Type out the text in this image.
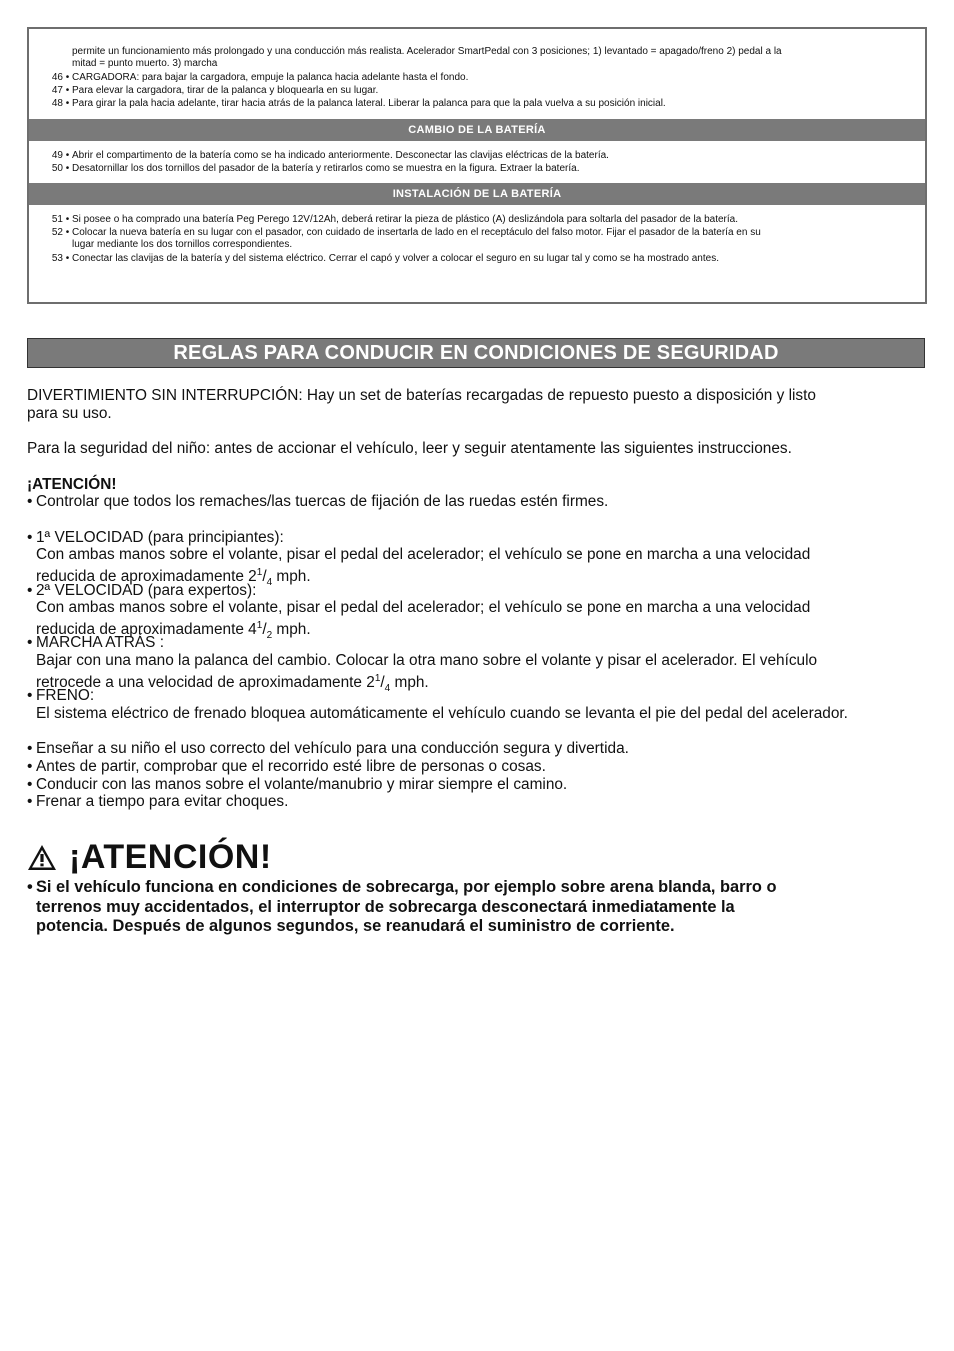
permite un funcionamiento más prolongado y una conducción más realista. Acelerador SmartPedal con 3 posiciones; 1) levantado = apagado/freno 2) pedal a la
mitad = punto muerto. 3) marcha
46 • CARGADORA: para bajar la cargadora, empuje la palanca hacia adelante hasta el fondo.
47 • Para elevar la cargadora, tirar de la palanca y bloquearla en su lugar.
48 • Para girar la pala hacia adelante, tirar hacia atrás de la palanca lateral. Liberar la palanca para que la pala vuelva a su posición inicial.
CAMBIO DE LA BATERÍA
49 • Abrir el compartimento de la batería como se ha indicado anteriormente. Desconectar las clavijas eléctricas de la batería.
50 • Desatornillar los dos tornillos del pasador de la batería y retirarlos como se muestra en la figura. Extraer la batería.
INSTALACIÓN DE LA BATERÍA
51 • Si posee o ha comprado una batería Peg Perego 12V/12Ah, deberá retirar la pieza de plástico (A) deslizándola para soltarla del pasador de la batería.
52 • Colocar la nueva batería en su lugar con el pasador, con cuidado de insertarla de lado en el receptáculo del falso motor. Fijar el pasador de la batería en su
lugar mediante los dos tornillos correspondientes.
53 • Conectar las clavijas de la batería y del sistema eléctrico. Cerrar el capó y volver a colocar el seguro en su lugar tal y como se ha mostrado antes.
REGLAS PARA CONDUCIR EN CONDICIONES DE SEGURIDAD
DIVERTIMIENTO SIN INTERRUPCIÓN: Hay un set de baterías recargadas de repuesto puesto a disposición y listo
para su uso.
Para la seguridad del niño: antes de accionar el vehículo, leer y seguir atentamente las siguientes instrucciones.
¡ATENCIÓN!
• Controlar que todos los remaches/las tuercas de fijación de las ruedas estén firmes.
• 1ª VELOCIDAD (para principiantes):
Con ambas manos sobre el volante, pisar el pedal del acelerador; el vehículo se pone en marcha a una velocidad
reducida de aproximadamente $2^1/_4$ mph.
• 2ª VELOCIDAD (para expertos):
Con ambas manos sobre el volante, pisar el pedal del acelerador; el vehículo se pone en marcha a una velocidad
reducida de aproximadamente $4^1/_2$ mph.
• MARCHA ATRÁS :
Bajar con una mano la palanca del cambio. Colocar la otra mano sobre el volante y pisar el acelerador. El vehículo
retrocede a una velocidad de aproximadamente $2^1/_4$ mph.
• FRENO:
El sistema eléctrico de frenado bloquea automáticamente el vehículo cuando se levanta el pie del pedal del acelerador.
• Enseñar a su niño el uso correcto del vehículo para una conducción segura y divertida.
• Antes de partir, comprobar que el recorrido esté libre de personas o cosas.
• Conducir con las manos sobre el volante/manubrio y mirar siempre el camino.
• Frenar a tiempo para evitar choques.
¡ATENCIÓN!
• Si el vehículo funciona en condiciones de sobrecarga, por ejemplo sobre arena blanda, barro o
terrenos muy accidentados, el interruptor de sobrecarga desconectará inmediatamente la
potencia. Después de algunos segundos, se reanudará el suministro de corriente.
